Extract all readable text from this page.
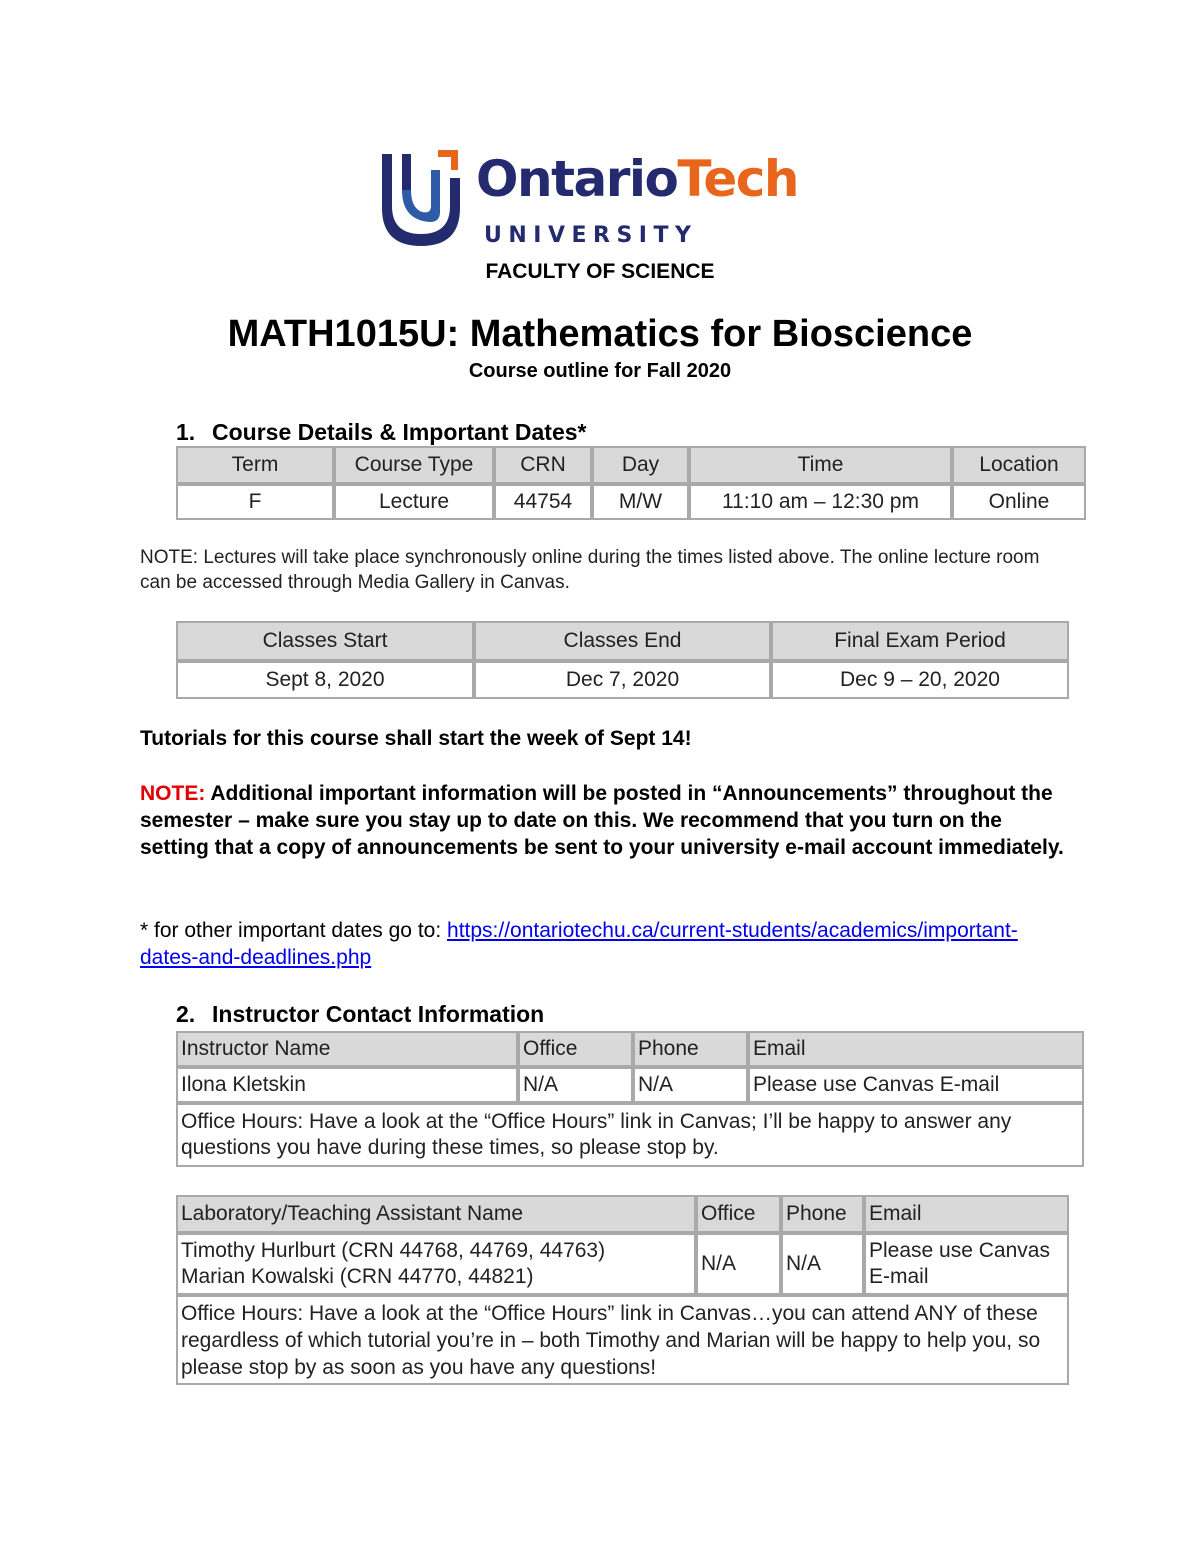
OntarioTech
UNIVERSITY
FACULTY OF SCIENCE
MATH1015U: Mathematics for Bioscience
Course outline for Fall 2020
1. Course Details & Important Dates*
Term	Course Type	CRN	Day	Time	Location
F	Lecture	44754	M/W	11:10 am – 12:30 pm	Online
NOTE: Lectures will take place synchronously online during the times listed above. The online lecture room can be accessed through Media Gallery in Canvas.
Classes Start	Classes End	Final Exam Period
Sept 8, 2020	Dec 7, 2020	Dec 9 – 20, 2020
Tutorials for this course shall start the week of Sept 14!
NOTE: Additional important information will be posted in “Announcements” throughout the semester – make sure you stay up to date on this. We recommend that you turn on the setting that a copy of announcements be sent to your university e-mail account immediately.
* for other important dates go to: https://ontariotechu.ca/current-students/academics/important-dates-and-deadlines.php
2. Instructor Contact Information
Instructor Name	Office	Phone	Email
Ilona Kletskin	N/A	N/A	Please use Canvas E-mail
Office Hours: Have a look at the “Office Hours” link in Canvas; I’ll be happy to answer any questions you have during these times, so please stop by.			
Laboratory/Teaching Assistant Name	Office	Phone	Email

Timothy Hurlburt (CRN 44768, 44769, 44763)
Marian Kowalski (CRN 44770, 44821)	N/A	N/A	Please use Canvas E-mail
Office Hours: Have a look at the “Office Hours” link in Canvas…you can attend ANY of these regardless of which tutorial you’re in – both Timothy and Marian will be happy to help you, so please stop by as soon as you have any questions!			
